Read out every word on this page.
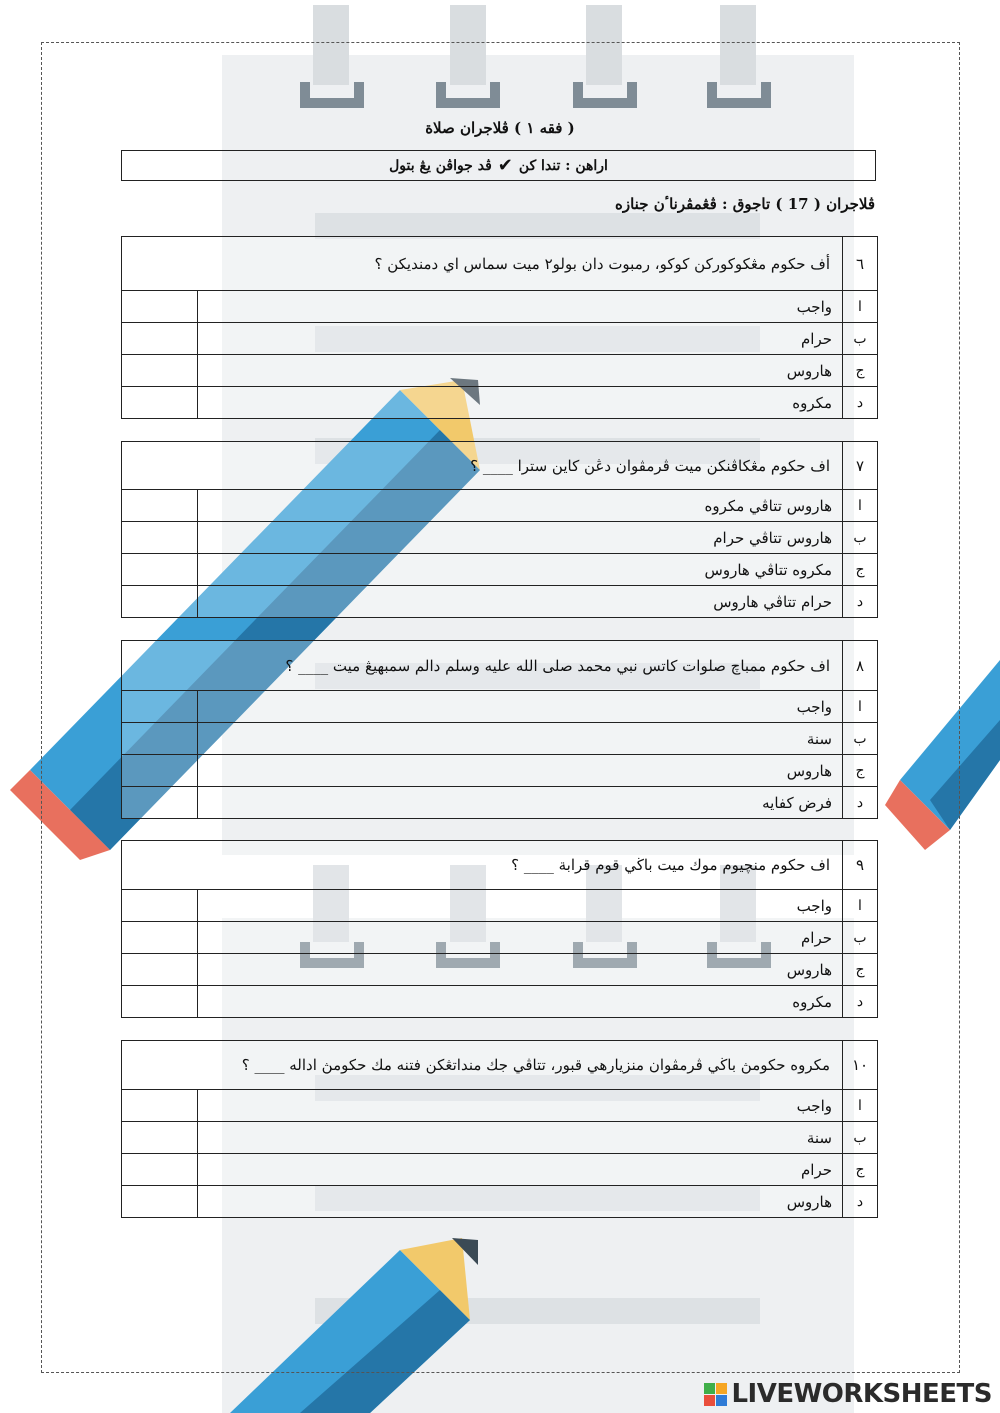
( فقه ١ ) ڤلاجران صلاة
اراهن : تندا كن
✔
ڤد جواڤن يڠ بتول
ڤلاجران ( 17 ) تاجوق : ڤڠمڤرناٴن جنازه
٦
أف حكوم مڠكوكوركن كوكو، رمبوت دان بولو٢ ميت سماس اي دمنديكن ؟
ا
واجب
ب
حرام
ج
هاروس
د
مكروه
٧
اف حكوم مڠكاڤنكن ميت ڤرمڤوان دڠن كاين سترا ____ ؟
ا
هاروس تتاڤي مكروه
ب
هاروس تتاڤي حرام
ج
مكروه تتاڤي هاروس
د
حرام تتاڤي هاروس
٨
اف حكوم ممباچ صلوات كاتس نبي محمد صلى الله عليه وسلم دالم سمبهيڠ ميت ____ ؟
ا
واجب
ب
سنة
ج
هاروس
د
فرض كفايه
٩
اف حكوم منچيوم موك ميت باڬي قوم قرابة ____ ؟
ا
واجب
ب
حرام
ج
هاروس
د
مكروه
١٠
مكروه حكومڽ باڬي ڤرمڤوان منزيارهي قبور، تتاڤي جك منداتڠكن فتنه مك حكومڽ اداله ____ ؟
ا
واجب
ب
سنة
ج
حرام
د
هاروس
LIVEWORKSHEETS
